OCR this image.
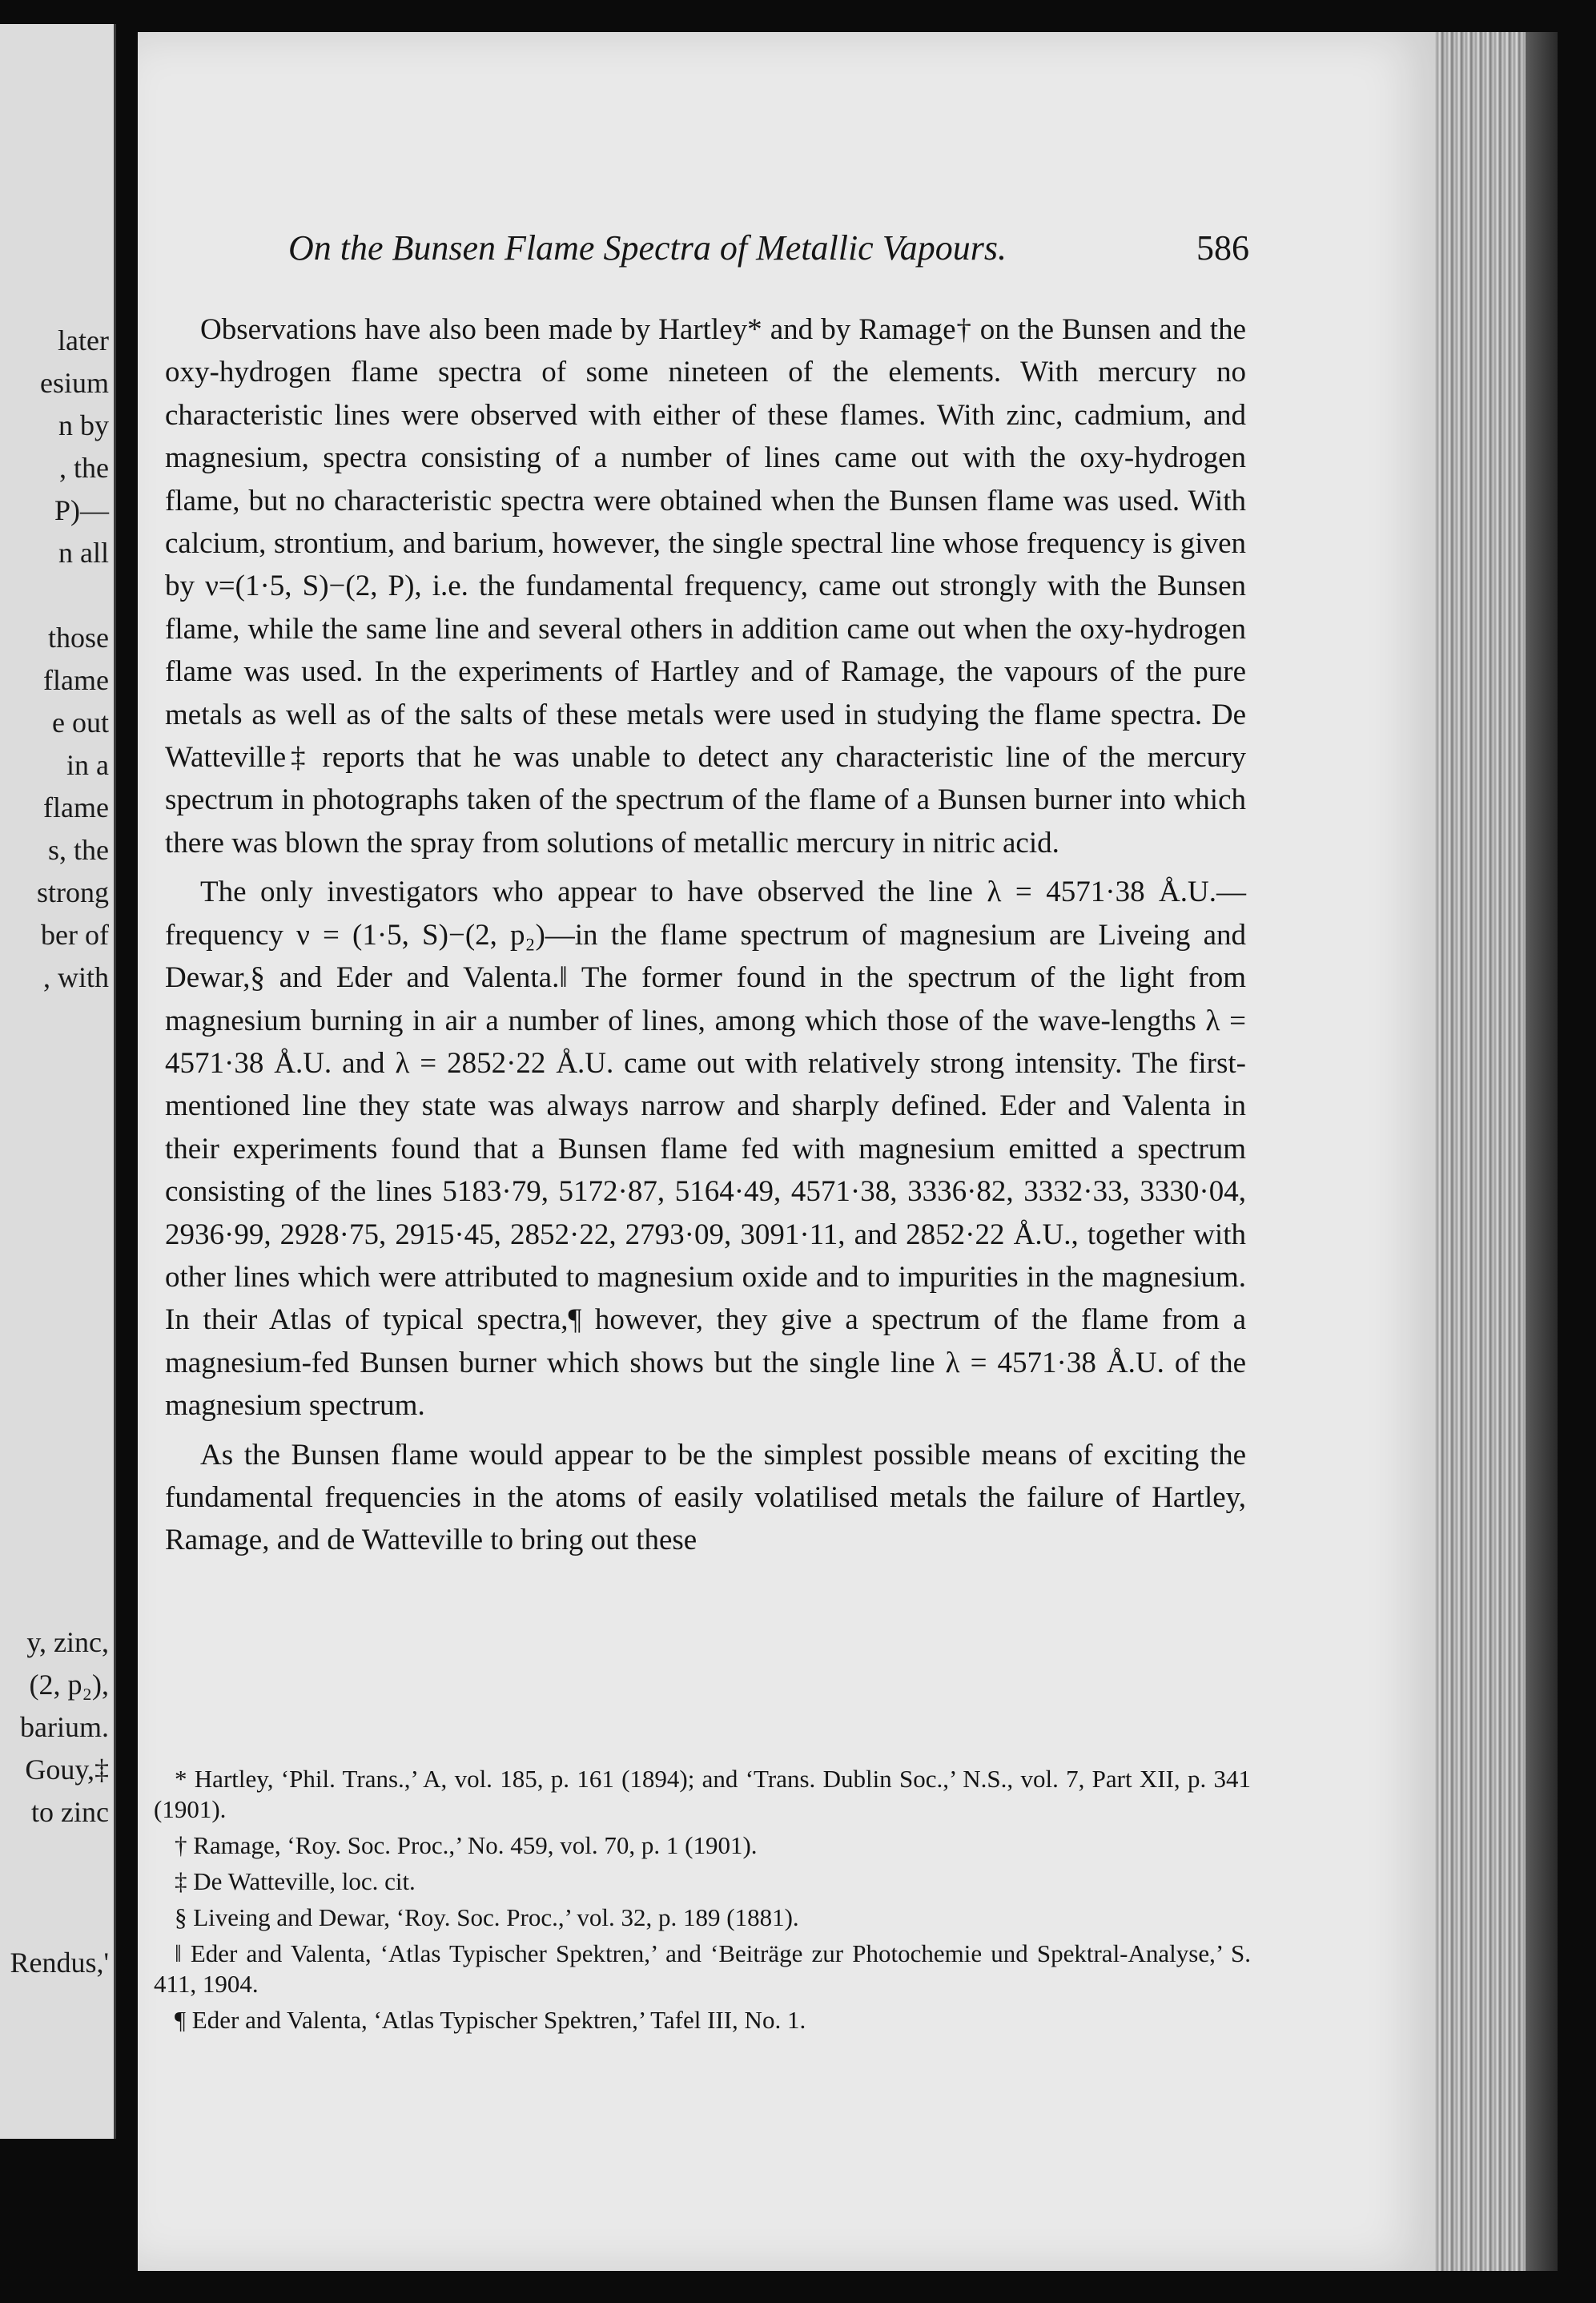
later
esium
n by
, the
P)—
n all
those
flame
e out
in a
flame
s, the
strong
ber of
, with
y, zinc,
(2, p₂),
barium.
Gouy,‡
to zinc
Rendus,'
On the Bunsen Flame Spectra of Metallic Vapours.	586

Observations have also been made by Hartley* and by Ramage† on the Bunsen and the oxy-hydrogen flame spectra of some nineteen of the elements. With mercury no characteristic lines were observed with either of these flames. With zinc, cadmium, and magnesium, spectra consisting of a number of lines came out with the oxy-hydrogen flame, but no characteristic spectra were obtained when the Bunsen flame was used. With calcium, strontium, and barium, however, the single spectral line whose frequency is given by ν=(1·5, S)−(2, P), i.e. the fundamental frequency, came out strongly with the Bunsen flame, while the same line and several others in addition came out when the oxy-hydrogen flame was used. In the experiments of Hartley and of Ramage, the vapours of the pure metals as well as of the salts of these metals were used in studying the flame spectra. De Watteville‡ reports that he was unable to detect any characteristic line of the mercury spectrum in photographs taken of the spectrum of the flame of a Bunsen burner into which there was blown the spray from solutions of metallic mercury in nitric acid.

The only investigators who appear to have observed the line λ = 4571·38 Å.U.—frequency ν = (1·5, S)−(2, p₂)—in the flame spectrum of magnesium are Liveing and Dewar,§ and Eder and Valenta.‖ The former found in the spectrum of the light from magnesium burning in air a number of lines, among which those of the wave-lengths λ = 4571·38 Å.U. and λ = 2852·22 Å.U. came out with relatively strong intensity. The first-mentioned line they state was always narrow and sharply defined. Eder and Valenta in their experiments found that a Bunsen flame fed with magnesium emitted a spectrum consisting of the lines 5183·79, 5172·87, 5164·49, 4571·38, 3336·82, 3332·33, 3330·04, 2936·99, 2928·75, 2915·45, 2852·22, 2793·09, 3091·11, and 2852·22 Å.U., together with other lines which were attributed to magnesium oxide and to impurities in the magnesium. In their Atlas of typical spectra,¶ however, they give a spectrum of the flame from a magnesium-fed Bunsen burner which shows but the single line λ = 4571·38 Å.U. of the magnesium spectrum.

As the Bunsen flame would appear to be the simplest possible means of exciting the fundamental frequencies in the atoms of easily volatilised metals the failure of Hartley, Ramage, and de Watteville to bring out these

* Hartley, ‘Phil. Trans.,’ A, vol. 185, p. 161 (1894); and ‘Trans. Dublin Soc.,’ N.S., vol. 7, Part XII, p. 341 (1901).

† Ramage, ‘Roy. Soc. Proc.,’ No. 459, vol. 70, p. 1 (1901).

‡ De Watteville, loc. cit.

§ Liveing and Dewar, ‘Roy. Soc. Proc.,’ vol. 32, p. 189 (1881).

‖ Eder and Valenta, ‘Atlas Typischer Spektren,’ and ‘Beiträge zur Photochemie und Spektral-Analyse,’ S. 411, 1904.

¶ Eder and Valenta, ‘Atlas Typischer Spektren,’ Tafel III, No. 1.
